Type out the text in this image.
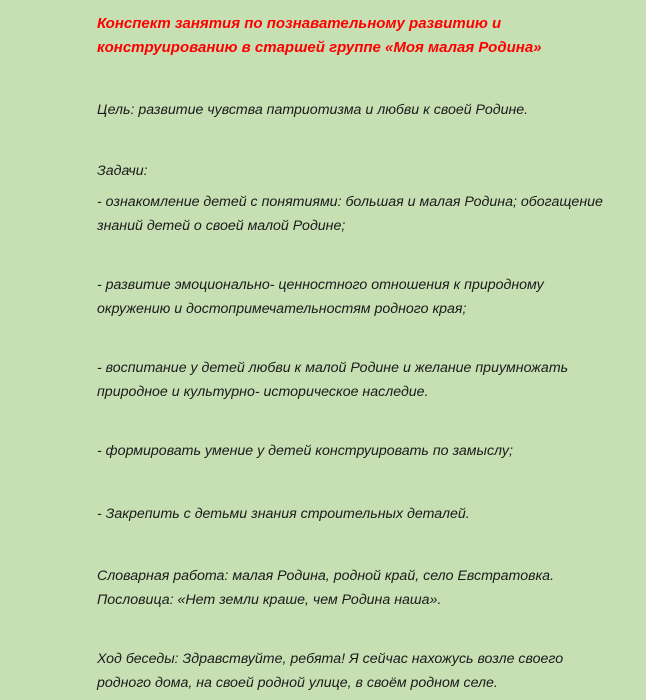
Конспект занятия по познавательному развитию и
конструированию в старшей группе «Моя малая Родина»
Цель: развитие чувства патриотизма и любви к своей Родине.
Задачи:
- ознакомление детей с понятиями: большая и малая Родина; обогащение
знаний детей о своей малой Родине;
- развитие эмоционально- ценностного отношения к природному
окружению и достопримечательностям родного края;
- воспитание у детей любви к малой Родине и желание приумножать
природное и культурно- историческое наследие.
- формировать умение у детей конструировать по замыслу;
- Закрепить с детьми знания строительных деталей.
Словарная работа: малая Родина, родной край, село Евстратовка.
Пословица: «Нет земли краше, чем Родина наша».
Ход беседы: Здравствуйте, ребята! Я сейчас нахожусь возле своего
родного дома, на своей родной улице, в своём родном селе.
